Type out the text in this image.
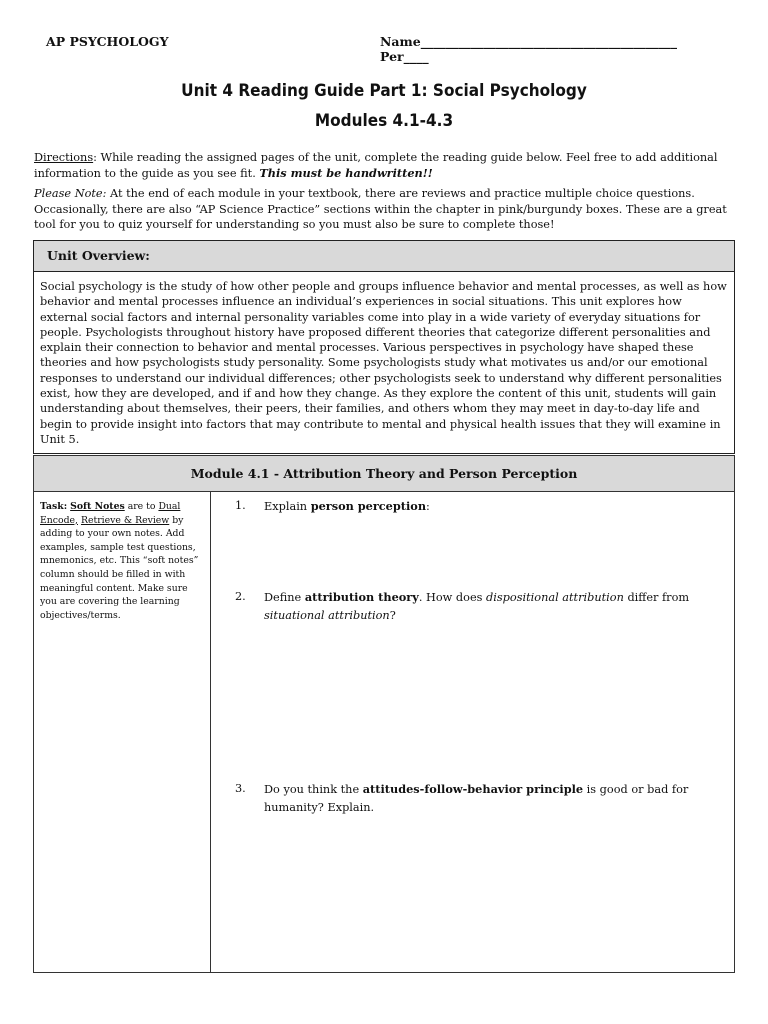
AP PSYCHOLOGY	Name_________________________________________ Per____
Unit 4 Reading Guide Part 1: Social Psychology
Modules 4.1-4.3

Directions: While reading the assigned pages of the unit, complete the reading guide below. Feel free to add additional information to the guide as you see fit. This must be handwritten!!

Please Note: At the end of each module in your textbook, there are reviews and practice multiple choice questions. Occasionally, there are also “AP Science Practice” sections within the chapter in pink/burgundy boxes. These are a great tool for you to quiz yourself for understanding so you must also be sure to complete those!

Unit Overview:
Social psychology is the study of how other people and groups influence behavior and mental processes, as well as how behavior and mental processes influence an individual’s experiences in social situations. This unit explores how external social factors and internal personality variables come into play in a wide variety of everyday situations for people. Psychologists throughout history have proposed different theories that categorize different personalities and explain their connection to behavior and mental processes. Various perspectives in psychology have shaped these theories and how psychologists study personality. Some psychologists study what motivates us and/or our emotional responses to understand our individual differences; other psychologists seek to understand why different personalities exist, how they are developed, and if and how they change. As they explore the content of this unit, students will gain understanding about themselves, their peers, their families, and others whom they may meet in day-to-day life and begin to provide insight into factors that may contribute to mental and physical health issues that they will examine in Unit 5.
Module 4.1 - Attribution Theory and Person Perception
Task: Soft Notes are to Dual Encode, Retrieve & Review by adding to your own notes. Add examples, sample test questions, mnemonics, etc. This “soft notes” column should be filled in with meaningful content. Make sure you are covering the learning objectives/terms.
1. Explain person perception:
2. Define attribution theory. How does dispositional attribution differ from situational attribution?
3. Do you think the attitudes-follow-behavior principle is good or bad for humanity? Explain.
